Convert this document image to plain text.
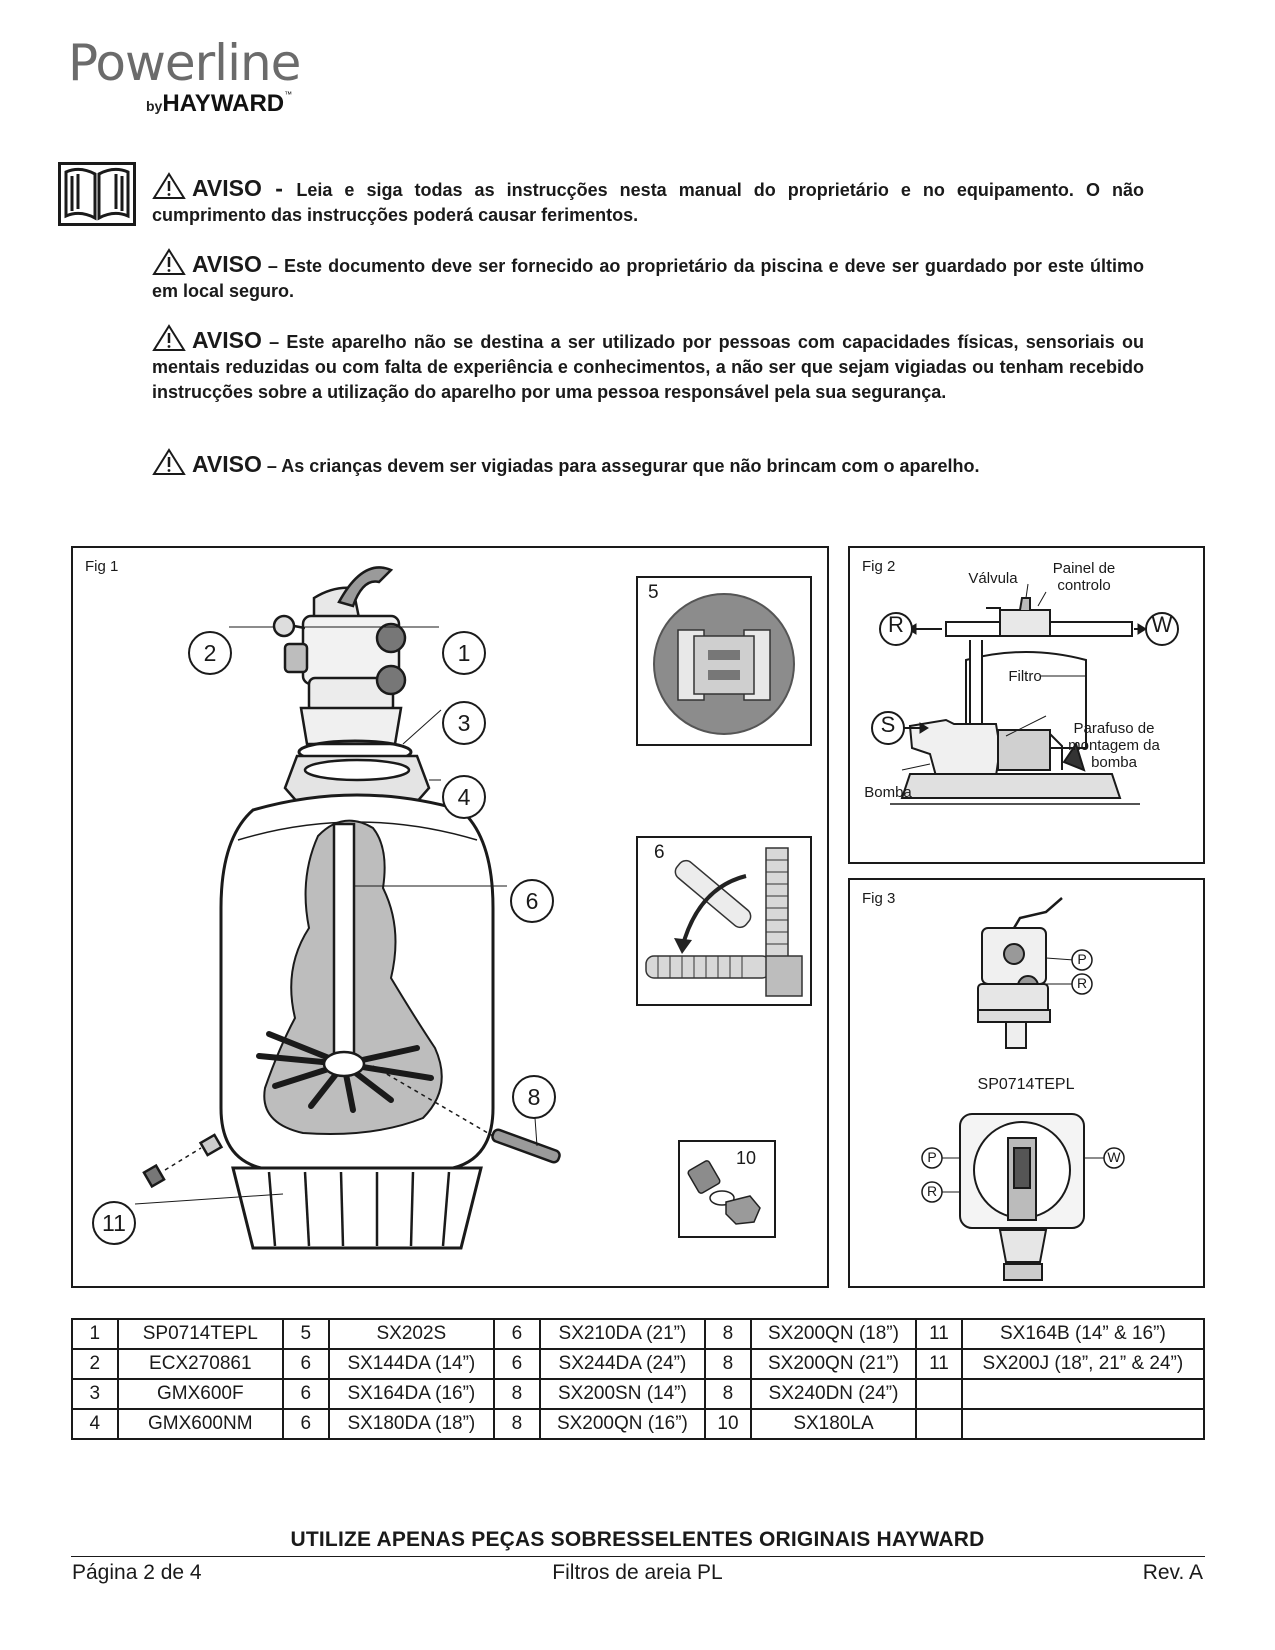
Powerline
byHAYWARD™
AVISO - Leia e siga todas as instrucções nesta manual do proprietário e no equipamento. O não cumprimento das instrucções poderá causar ferimentos.
AVISO – Este documento deve ser fornecido ao proprietário da piscina e deve ser guardado por este último em local seguro.
AVISO – Este aparelho não se destina a ser utilizado por pessoas com capacidades físicas, sensoriais ou mentais reduzidas ou com falta de experiência e conhecimentos, a não ser que sejam vigiadas ou tenham recebido instrucções sobre a utilização do aparelho por uma pessoa responsável pela sua segurança.
AVISO – As crianças devem ser vigiadas para assegurar que não brincam com o aparelho.
Fig 1
2	1
3
4
6
8
11
5
6
10
Fig 2
R	W
S
Válvula
Painel de controlo
Filtro
Parafuso de montagem da bomba
Bomba
Fig 3
P
R
P	W
R
SP0714TEPL
1	SP0714TEPL	5	SX202S	6	SX210DA (21”)	8	SX200QN (18”)	11	SX164B (14” & 16”)
2	ECX270861	6	SX144DA (14”)	6	SX244DA (24”)	8	SX200QN (21”)	11	SX200J (18”, 21” & 24”)
3	GMX600F	6	SX164DA (16”)	8	SX200SN (14”)	8	SX240DN (24”)		
4	GMX600NM	6	SX180DA (18”)	8	SX200QN (16”)	10	SX180LA		
UTILIZE APENAS PEÇAS SOBRESSELENTES ORIGINAIS HAYWARD
Página 2 de 4	Filtros de areia PL	Rev. A
